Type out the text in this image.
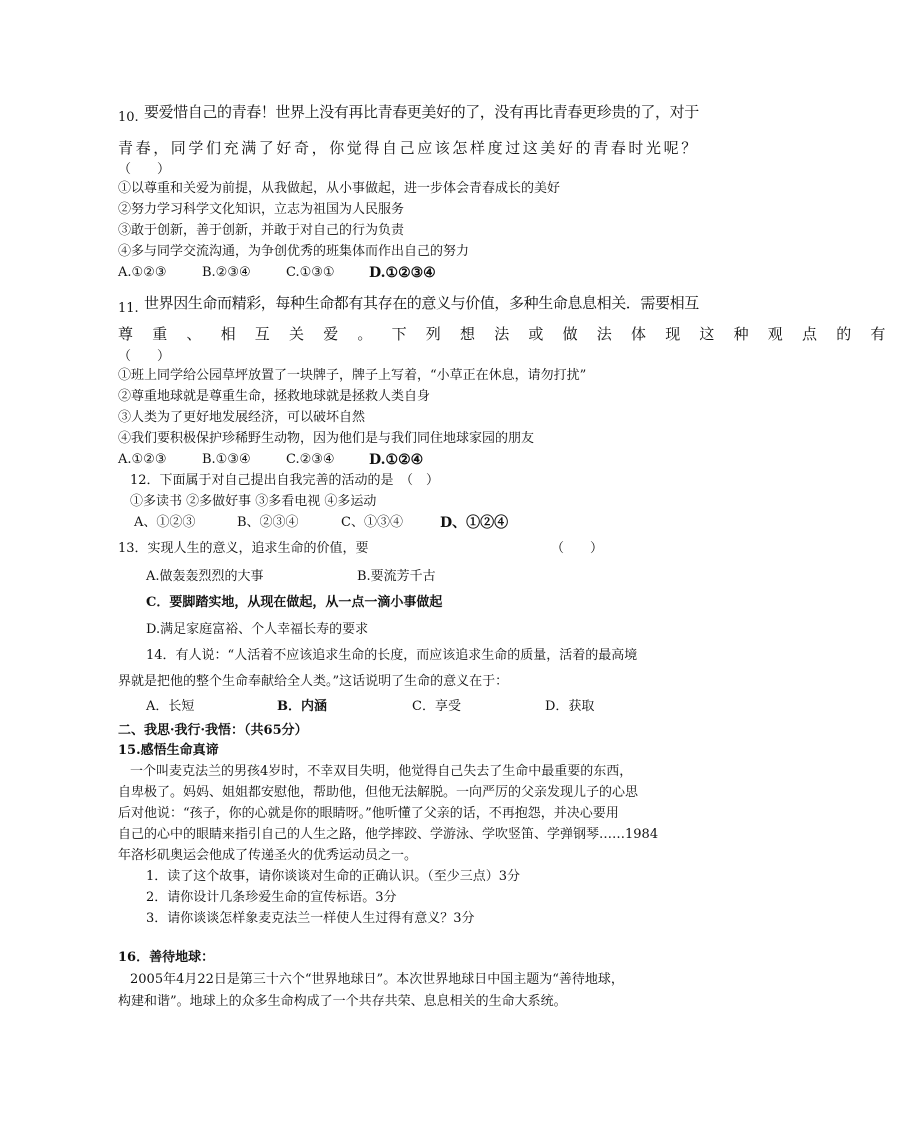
10. 要爱惜自己的青春！世界上没有再比青春更美好的了，没有再比青春更珍贵的了，对于
青春，同学们充满了好奇，你觉得自己应该怎样度过这美好的青春时光呢？
（　　）
①以尊重和关爱为前提，从我做起，从小事做起，进一步体会青春成长的美好
②努力学习科学文化知识，立志为祖国为人民服务
③敢于创新，善于创新，并敢于对自己的行为负责
④多与同学交流沟通，为争创优秀的班集体而作出自己的努力
A.①②③	B.②③④	C.①③① D.①②③④
11. 世界因生命而精彩，每种生命都有其存在的意义与价值，多种生命息息相关．需要相互
尊重、相互关爱。下列想法或做法体现这种观点的有
（　　）
①班上同学给公园草坪放置了一块牌子，牌子上写着，“小草正在休息，请勿打扰”
②尊重地球就是尊重生命，拯救地球就是拯救人类自身
③人类为了更好地发展经济，可以破坏自然
④我们要积极保护珍稀野生动物，因为他们是与我们同住地球家园的朋友
A.①②③	B.①③④	C.②③④ D.①②④
12．下面属于对自己提出自我完善的活动的是　（　）
①多读书 ②多做好事 ③多看电视 ④多运动
A、①②③	B、②③④	C、①③④	D、①②④
13．实现人生的意义，追求生命的价值，要	（　　）
A.做轰轰烈烈的大事	B.要流芳千古
C．要脚踏实地，从现在做起，从一点一滴小事做起
D.满足家庭富裕、个人幸福长寿的要求
14．有人说：“人活着不应该追求生命的长度，而应该追求生命的质量，活着的最高境
界就是把他的整个生命奉献给全人类。”这话说明了生命的意义在于：
A．长短	B．内涵	C．享受	D．获取
二、我思·我行·我悟：（共65分）
15.感悟生命真谛
一个叫麦克法兰的男孩4岁时，不幸双目失明，他觉得自己失去了生命中最重要的东西，
自卑极了。妈妈、姐姐都安慰他，帮助他，但他无法解脱。一向严厉的父亲发现儿子的心思
后对他说：“孩子，你的心就是你的眼睛呀。”他听懂了父亲的话，不再抱怨，并决心要用
自己的心中的眼睛来指引自己的人生之路，他学摔跤、学游泳、学吹竖笛、学弹钢琴……1984
年洛杉矶奥运会他成了传递圣火的优秀运动员之一。
1．读了这个故事，请你谈谈对生命的正确认识。（至少三点）3分
2．请你设计几条珍爱生命的宣传标语。3分
3．请你谈谈怎样象麦克法兰一样使人生过得有意义？3分
16．善待地球：
2005年4月22日是第三十六个“世界地球日”。本次世界地球日中国主题为“善待地球，
构建和谐”。地球上的众多生命构成了一个共存共荣、息息相关的生命大系统。
